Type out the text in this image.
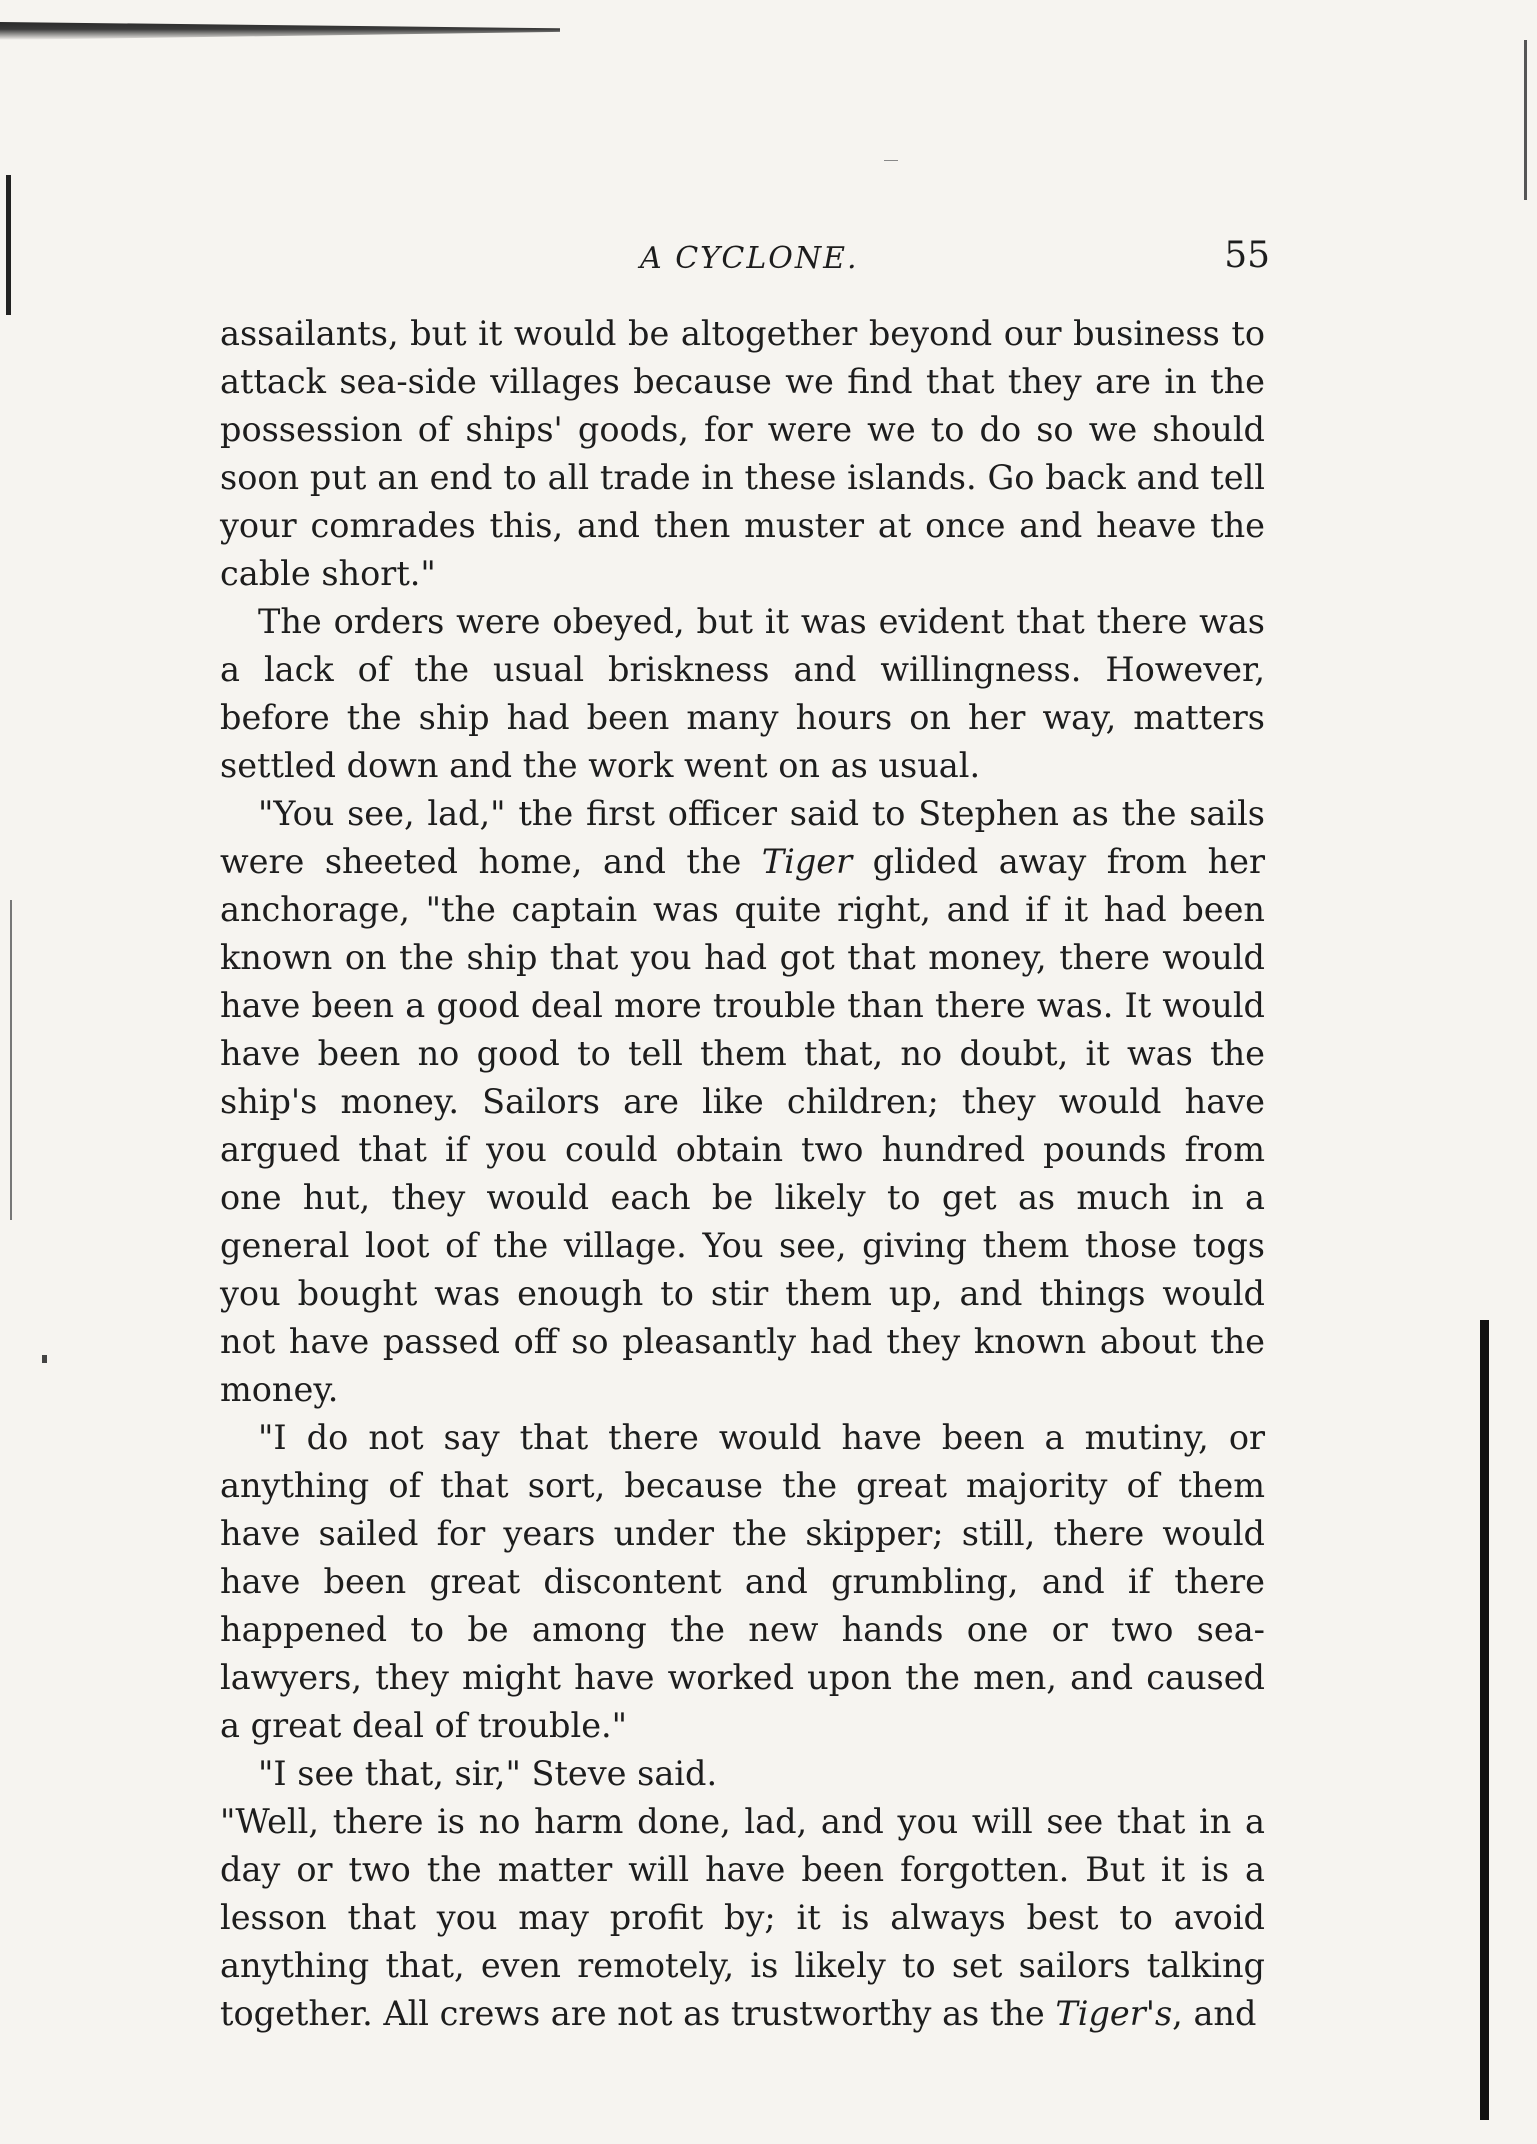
A CYCLONE.	55

assailants, but it would be altogether beyond our business to attack sea-side villages because we find that they are in the possession of ships' goods, for were we to do so we should soon put an end to all trade in these islands. Go back and tell your comrades this, and then muster at once and heave the cable short."

The orders were obeyed, but it was evident that there was a lack of the usual briskness and willingness. However, before the ship had been many hours on her way, matters settled down and the work went on as usual.

"You see, lad," the first officer said to Stephen as the sails were sheeted home, and the Tiger glided away from her anchorage, "the captain was quite right, and if it had been known on the ship that you had got that money, there would have been a good deal more trouble than there was. It would have been no good to tell them that, no doubt, it was the ship's money. Sailors are like children; they would have argued that if you could obtain two hundred pounds from one hut, they would each be likely to get as much in a general loot of the village. You see, giving them those togs you bought was enough to stir them up, and things would not have passed off so pleasantly had they known about the money.

"I do not say that there would have been a mutiny, or anything of that sort, because the great majority of them have sailed for years under the skipper; still, there would have been great discontent and grumbling, and if there happened to be among the new hands one or two sea-lawyers, they might have worked upon the men, and caused a great deal of trouble."

"I see that, sir," Steve said.

"Well, there is no harm done, lad, and you will see that in a day or two the matter will have been forgotten. But it is a lesson that you may profit by; it is always best to avoid anything that, even remotely, is likely to set sailors talking together. All crews are not as trustworthy as the Tiger's, and
